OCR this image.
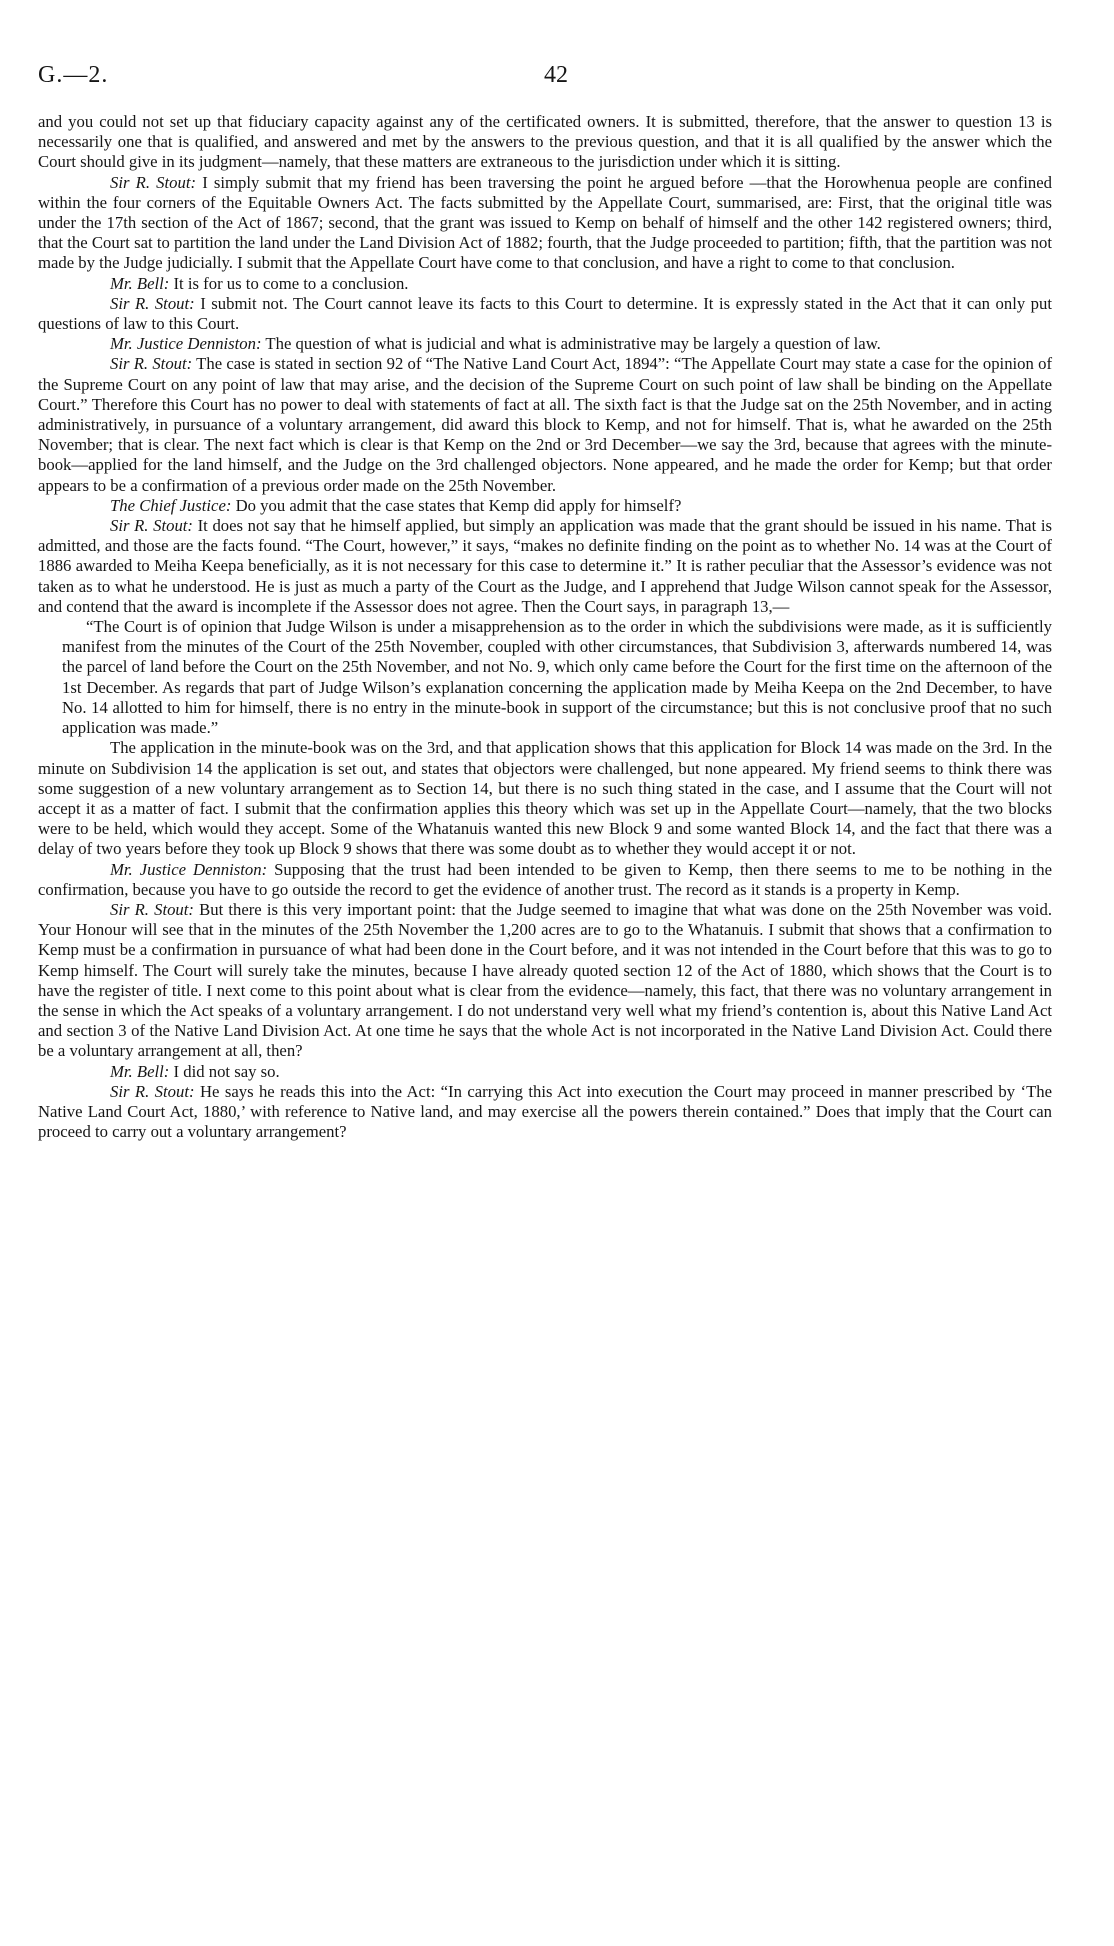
G.—2.	42

and you could not set up that fiduciary capacity against any of the certificated owners. It is submitted, therefore, that the answer to question 13 is necessarily one that is qualified, and answered and met by the answers to the previous question, and that it is all qualified by the answer which the Court should give in its judgment—namely, that these matters are extraneous to the jurisdiction under which it is sitting.

Sir R. Stout: I simply submit that my friend has been traversing the point he argued before —that the Horowhenua people are confined within the four corners of the Equitable Owners Act. The facts submitted by the Appellate Court, summarised, are: First, that the original title was under the 17th section of the Act of 1867; second, that the grant was issued to Kemp on behalf of himself and the other 142 registered owners; third, that the Court sat to partition the land under the Land Division Act of 1882; fourth, that the Judge proceeded to partition; fifth, that the partition was not made by the Judge judicially. I submit that the Appellate Court have come to that conclusion, and have a right to come to that conclusion.

Mr. Bell: It is for us to come to a conclusion.

Sir R. Stout: I submit not. The Court cannot leave its facts to this Court to determine. It is expressly stated in the Act that it can only put questions of law to this Court.

Mr. Justice Denniston: The question of what is judicial and what is administrative may be largely a question of law.

Sir R. Stout: The case is stated in section 92 of “The Native Land Court Act, 1894”: “The Appellate Court may state a case for the opinion of the Supreme Court on any point of law that may arise, and the decision of the Supreme Court on such point of law shall be binding on the Appellate Court.” Therefore this Court has no power to deal with statements of fact at all. The sixth fact is that the Judge sat on the 25th November, and in acting administratively, in pursuance of a voluntary arrangement, did award this block to Kemp, and not for himself. That is, what he awarded on the 25th November; that is clear. The next fact which is clear is that Kemp on the 2nd or 3rd December—we say the 3rd, because that agrees with the minute-book—applied for the land himself, and the Judge on the 3rd challenged objectors. None appeared, and he made the order for Kemp; but that order appears to be a confirmation of a previous order made on the 25th November.

The Chief Justice: Do you admit that the case states that Kemp did apply for himself?

Sir R. Stout: It does not say that he himself applied, but simply an application was made that the grant should be issued in his name. That is admitted, and those are the facts found. “The Court, however,” it says, “makes no definite finding on the point as to whether No. 14 was at the Court of 1886 awarded to Meiha Keepa beneficially, as it is not necessary for this case to determine it.” It is rather peculiar that the Assessor’s evidence was not taken as to what he understood. He is just as much a party of the Court as the Judge, and I apprehend that Judge Wilson cannot speak for the Assessor, and contend that the award is incomplete if the Assessor does not agree. Then the Court says, in paragraph 13,—

“The Court is of opinion that Judge Wilson is under a misapprehension as to the order in which the subdivisions were made, as it is sufficiently manifest from the minutes of the Court of the 25th November, coupled with other circumstances, that Subdivision 3, afterwards numbered 14, was the parcel of land before the Court on the 25th November, and not No. 9, which only came before the Court for the first time on the afternoon of the 1st December. As regards that part of Judge Wilson’s explanation concerning the application made by Meiha Keepa on the 2nd December, to have No. 14 allotted to him for himself, there is no entry in the minute-book in support of the circumstance; but this is not conclusive proof that no such application was made.”

The application in the minute-book was on the 3rd, and that application shows that this application for Block 14 was made on the 3rd. In the minute on Subdivision 14 the application is set out, and states that objectors were challenged, but none appeared. My friend seems to think there was some suggestion of a new voluntary arrangement as to Section 14, but there is no such thing stated in the case, and I assume that the Court will not accept it as a matter of fact. I submit that the confirmation applies this theory which was set up in the Appellate Court—namely, that the two blocks were to be held, which would they accept. Some of the Whatanuis wanted this new Block 9 and some wanted Block 14, and the fact that there was a delay of two years before they took up Block 9 shows that there was some doubt as to whether they would accept it or not.

Mr. Justice Denniston: Supposing that the trust had been intended to be given to Kemp, then there seems to me to be nothing in the confirmation, because you have to go outside the record to get the evidence of another trust. The record as it stands is a property in Kemp.

Sir R. Stout: But there is this very important point: that the Judge seemed to imagine that what was done on the 25th November was void. Your Honour will see that in the minutes of the 25th November the 1,200 acres are to go to the Whatanuis. I submit that shows that a confirmation to Kemp must be a confirmation in pursuance of what had been done in the Court before, and it was not intended in the Court before that this was to go to Kemp himself. The Court will surely take the minutes, because I have already quoted section 12 of the Act of 1880, which shows that the Court is to have the register of title. I next come to this point about what is clear from the evidence—namely, this fact, that there was no voluntary arrangement in the sense in which the Act speaks of a voluntary arrangement. I do not understand very well what my friend’s contention is, about this Native Land Act and section 3 of the Native Land Division Act. At one time he says that the whole Act is not incorporated in the Native Land Division Act. Could there be a voluntary arrangement at all, then?

Mr. Bell: I did not say so.

Sir R. Stout: He says he reads this into the Act: “In carrying this Act into execution the Court may proceed in manner prescribed by ‘The Native Land Court Act, 1880,’ with reference to Native land, and may exercise all the powers therein contained.” Does that imply that the Court can proceed to carry out a voluntary arrangement?
